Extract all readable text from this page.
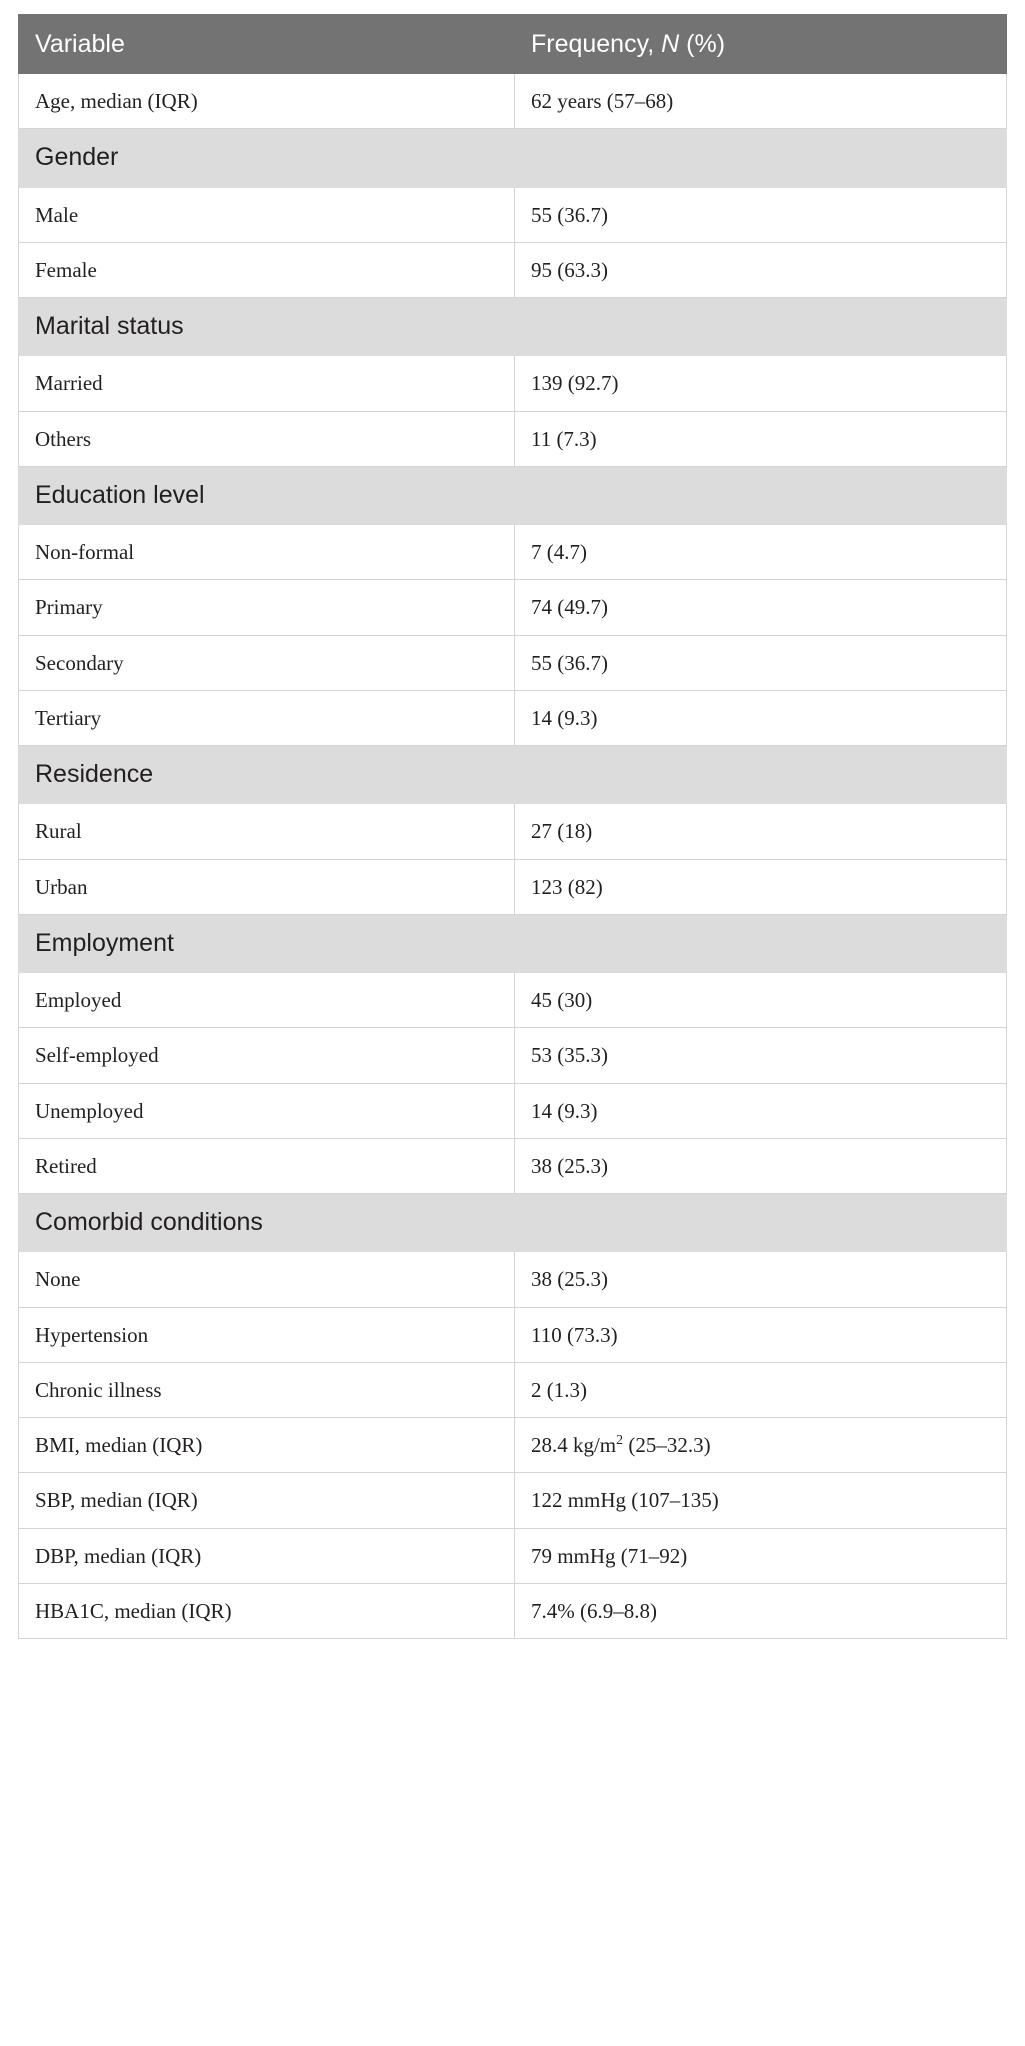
Variable	Frequency, N (%)
Age, median (IQR)	62 years (57–68)
Gender	
Male	55 (36.7)
Female	95 (63.3)
Marital status	
Married	139 (92.7)
Others	11 (7.3)
Education level	
Non-formal	7 (4.7)
Primary	74 (49.7)
Secondary	55 (36.7)
Tertiary	14 (9.3)
Residence	
Rural	27 (18)
Urban	123 (82)
Employment	
Employed	45 (30)
Self-employed	53 (35.3)
Unemployed	14 (9.3)
Retired	38 (25.3)
Comorbid conditions	
None	38 (25.3)
Hypertension	110 (73.3)
Chronic illness	2 (1.3)
BMI, median (IQR)	28.4 $kg/m^2$ (25–32.3)
SBP, median (IQR)	122 mmHg (107–135)
DBP, median (IQR)	79 mmHg (71–92)
HBA1C, median (IQR)	7.4% (6.9–8.8)
